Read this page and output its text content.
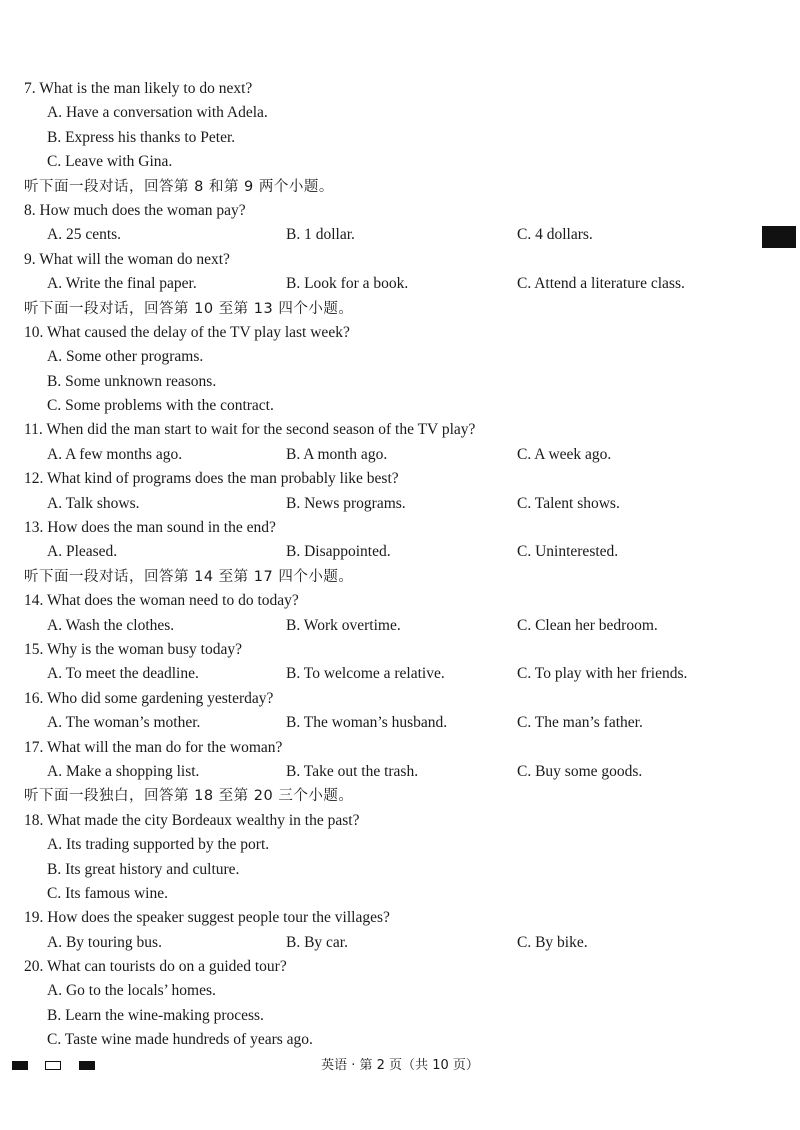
7. What is the man likely to do next?
A. Have a conversation with Adela.
B. Express his thanks to Peter.
C. Leave with Gina.
听下面一段对话，回答第 8 和第 9 两个小题。
8. How much does the woman pay?
A. 25 cents.	B. 1 dollar.	C. 4 dollars.
9. What will the woman do next?
A. Write the final paper.	B. Look for a book.	C. Attend a literature class.
听下面一段对话，回答第 10 至第 13 四个小题。
10. What caused the delay of the TV play last week?
A. Some other programs.
B. Some unknown reasons.
C. Some problems with the contract.
11. When did the man start to wait for the second season of the TV play?
A. A few months ago.	B. A month ago.	C. A week ago.
12. What kind of programs does the man probably like best?
A. Talk shows.	B. News programs.	C. Talent shows.
13. How does the man sound in the end?
A. Pleased.	B. Disappointed.	C. Uninterested.
听下面一段对话，回答第 14 至第 17 四个小题。
14. What does the woman need to do today?
A. Wash the clothes.	B. Work overtime.	C. Clean her bedroom.
15. Why is the woman busy today?
A. To meet the deadline.	B. To welcome a relative.	C. To play with her friends.
16. Who did some gardening yesterday?
A. The woman’s mother.	B. The woman’s husband.	C. The man’s father.
17. What will the man do for the woman?
A. Make a shopping list.	B. Take out the trash.	C. Buy some goods.
听下面一段独白，回答第 18 至第 20 三个小题。
18. What made the city Bordeaux wealthy in the past?
A. Its trading supported by the port.
B. Its great history and culture.
C. Its famous wine.
19. How does the speaker suggest people tour the villages?
A. By touring bus.	B. By car.	C. By bike.
20. What can tourists do on a guided tour?
A. Go to the locals’ homes.
B. Learn the wine-making process.
C. Taste wine made hundreds of years ago.
英语 · 第 2 页（共 10 页）
